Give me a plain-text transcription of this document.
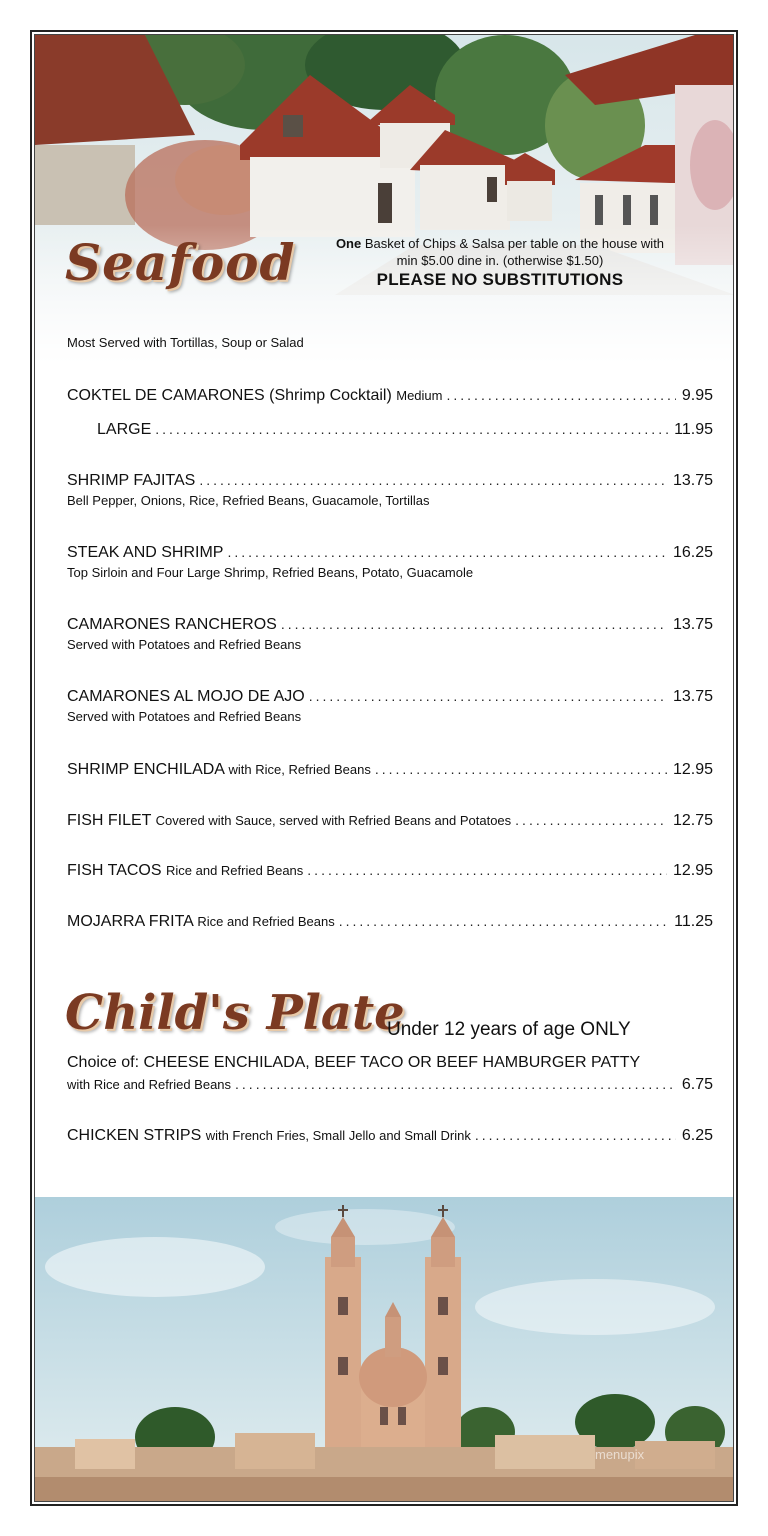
Seafood	One Basket of Chips & Salsa per table on the house with min $5.00 dine in. (otherwise $1.50)
PLEASE NO SUBSTITUTIONS
Most Served with Tortillas, Soup or Salad
COKTEL DE CAMARONES (Shrimp Cocktail) Medium .....	9.95
LARGE .....	11.95
SHRIMP FAJITAS .....	13.75
Bell Pepper, Onions, Rice, Refried Beans, Guacamole, Tortillas
STEAK AND SHRIMP .....	16.25
Top Sirloin and Four Large Shrimp, Refried Beans, Potato, Guacamole
CAMARONES RANCHEROS .....	13.75
Served with Potatoes and Refried Beans
CAMARONES AL MOJO DE AJO .....	13.75
Served with Potatoes and Refried Beans
SHRIMP ENCHILADA with Rice, Refried Beans .....	12.95
FISH FILET Covered with Sauce, served with Refried Beans and Potatoes .....	12.75
FISH TACOS Rice and Refried Beans .....	12.95
MOJARRA FRITA Rice and Refried Beans .....	11.25
Child's Plate
Under 12 years of age ONLY
Choice of: CHEESE ENCHILADA, BEEF TACO OR BEEF HAMBURGER PATTY
with Rice and Refried Beans .....	6.75
CHICKEN STRIPS with French Fries, Small Jello and Small Drink .....	6.25
menupix
